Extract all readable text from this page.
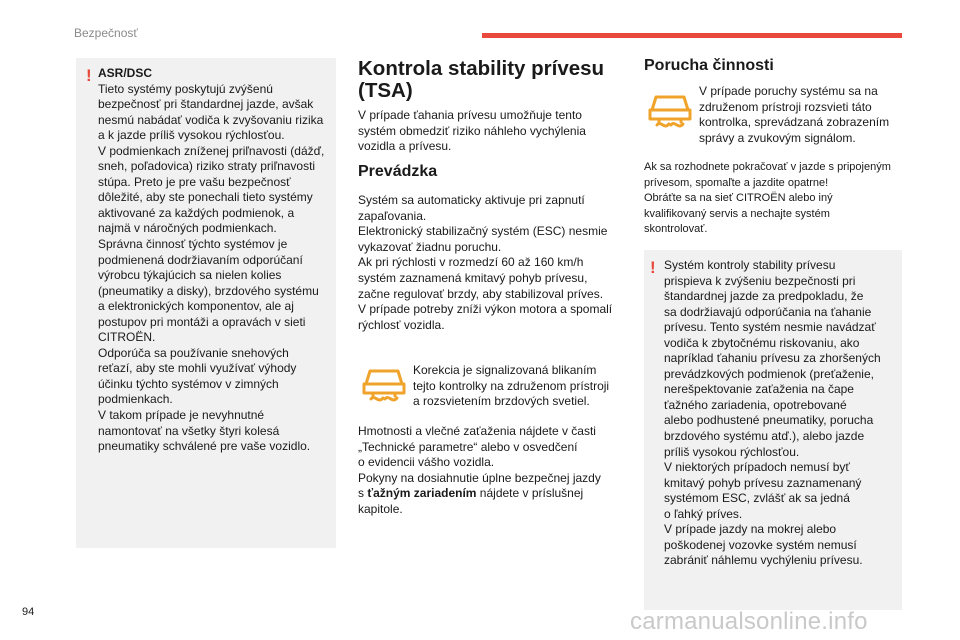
Bezpečnosť
! ASR/DSC
Tieto systémy poskytujú zvýšenú
bezpečnosť pri štandardnej jazde, avšak
nesmú nabádať vodiča k zvyšovaniu rizika
a k jazde príliš vysokou rýchlosťou.
V podmienkach zníženej priľnavosti (dážď,
sneh, poľadovica) riziko straty priľnavosti
stúpa. Preto je pre vašu bezpečnosť
dôležité, aby ste ponechali tieto systémy
aktivované za každých podmienok, a
najmä v náročných podmienkach.
Správna činnosť týchto systémov je
podmienená dodržiavaním odporúčaní
výrobcu týkajúcich sa nielen kolies
(pneumatiky a disky), brzdového systému
a elektronických komponentov, ale aj
postupov pri montáži a opravách v sieti
CITROËN.
Odporúča sa používanie snehových
reťazí, aby ste mohli využívať výhody
účinku týchto systémov v zimných
podmienkach.
V takom prípade je nevyhnutné
namontovať na všetky štyri kolesá
pneumatiky schválené pre vaše vozidlo.
Kontrola stability prívesu
(TSA)
V prípade ťahania prívesu umožňuje tento
systém obmedziť riziko náhleho vychýlenia
vozidla a prívesu.
Prevádzka
Systém sa automaticky aktivuje pri zapnutí
zapaľovania.
Elektronický stabilizačný systém (ESC) nesmie
vykazovať žiadnu poruchu.
Ak pri rýchlosti v rozmedzí 60 až 160 km/h
systém zaznamená kmitavý pohyb prívesu,
začne regulovať brzdy, aby stabilizoval príves.
V prípade potreby zníži výkon motora a spomalí
rýchlosť vozidla.
Korekcia je signalizovaná blikaním
tejto kontrolky na združenom prístroji
a rozsvietením brzdových svetiel.
Hmotnosti a vlečné zaťaženia nájdete v časti
„Technické parametre“ alebo v osvedčení
o evidencii vášho vozidla.
Pokyny na dosiahnutie úplne bezpečnej jazdy
s ťažným zariadením nájdete v príslušnej
kapitole.
Porucha činnosti
V prípade poruchy systému sa na
združenom prístroji rozsvieti táto
kontrolka, sprevádzaná zobrazením
správy a zvukovým signálom.
Ak sa rozhodnete pokračovať v jazde s pripojeným
prívesom, spomaľte a jazdite opatrne!
Obráťte sa na sieť CITROËN alebo iný
kvalifikovaný servis a nechajte systém
skontrolovať.
! Systém kontroly stability prívesu
prispieva k zvýšeniu bezpečnosti pri
štandardnej jazde za predpokladu, že
sa dodržiavajú odporúčania na ťahanie
prívesu. Tento systém nesmie navádzať
vodiča k zbytočnému riskovaniu, ako
napríklad ťahaniu prívesu za zhoršených
prevádzkových podmienok (preťaženie,
nerešpektovanie zaťaženia na čape
ťažného zariadenia, opotrebované
alebo podhustené pneumatiky, porucha
brzdového systému atď.), alebo jazde
príliš vysokou rýchlosťou.
V niektorých prípadoch nemusí byť
kmitavý pohyb prívesu zaznamenaný
systémom ESC, zvlášť ak sa jedná
o ľahký príves.
V prípade jazdy na mokrej alebo
poškodenej vozovke systém nemusí
zabrániť náhlemu vychýleniu prívesu.
94	carmanualsonline.info
